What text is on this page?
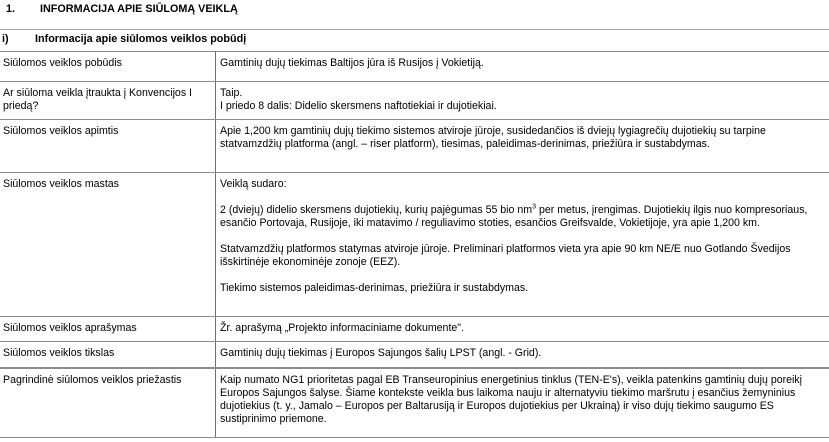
1. INFORMACIJA APIE SIŪLOMĄ VEIKLĄ
i) Informacija apie siūlomos veiklos pobūdį
Siūlomos veiklos pobūdis	Gamtinių dujų tiekimas Baltijos jūra iš Rusijos į Vokietiją.

Ar siūloma veikla įtraukta į Konvencijos I priedą?	Taip.

I priedo 8 dalis: Didelio skersmens naftotiekiai ir dujotiekiai.

Siūlomos veiklos apimtis	Apie 1,200 km gamtinių dujų tiekimo sistemos atviroje jūroje, susidedančios iš dviejų lygiagrečių dujotiekių su tarpine statvamzdžių platforma (angl. – riser platform), tiesimas, paleidimas-derinimas, priežiūra ir sustabdymas.

Siūlomos veiklos mastas	Veiklą sudaro:

2 (dviejų) didelio skersmens dujotiekių, kurių pajėgumas 55 bio $nm^3$ per metus, įrengimas. Dujotiekių ilgis nuo kompresoriaus, esančio Portovaja, Rusijoje, iki matavimo / reguliavimo stoties, esančios Greifsvalde, Vokietijoje, yra apie 1,200 km.

Statvamzdžių platformos statymas atviroje jūroje. Preliminari platformos vieta yra apie 90 km NE/E nuo Gotlando Švedijos išskirtinėje ekonominėje zonoje (EEZ).

Tiekimo sistemos paleidimas-derinimas, priežiūra ir sustabdymas.

Siūlomos veiklos aprašymas	Žr. aprašymą „Projekto informaciniame dokumente".

Siūlomos veiklos tikslas	Gamtinių dujų tiekimas į Europos Sajungos šalių LPST (angl. - Grid).

Pagrindinė siūlomos veiklos priežastis	Kaip numato NG1 prioritetas pagal EB Transeuropinius energetinius tinklus (TEN-E's), veikla patenkins gamtinių dujų poreikį Europos Sajungos šalyse. Šiame kontekste veikla bus laikoma nauju ir alternatyviu tiekimo maršrutu į esančius žemyninius dujotiekius (t. y., Jamalo – Europos per Baltarusiją ir Europos dujotiekius per Ukrainą) ir viso dujų tiekimo saugumo ES sustiprinimo priemone.
